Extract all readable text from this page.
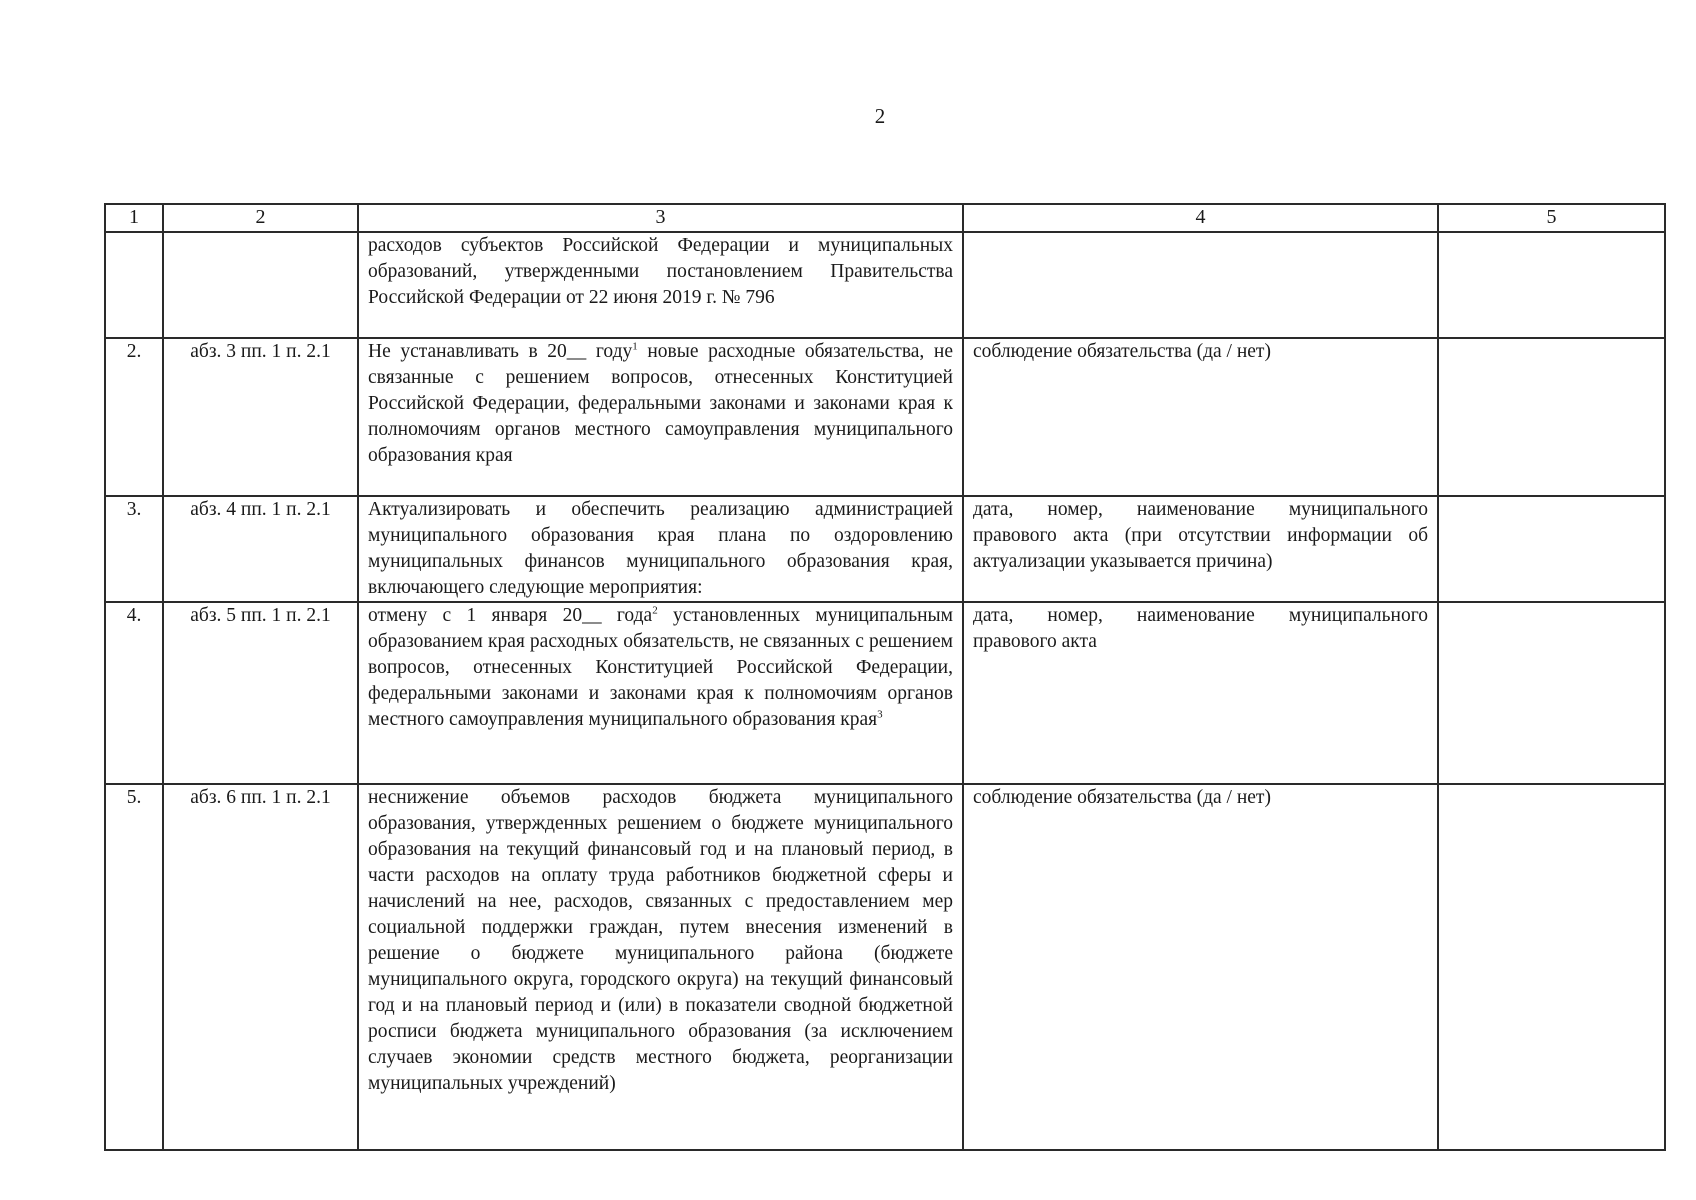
2
1	2	3	4	5
		расходов субъектов Российской Федерации и муниципальных образований, утвержденными постановлением Правительства Российской Федерации от 22 июня 2019 г. № 796		
2.	абз. 3 пп. 1 п. 2.1	Не устанавливать в 20__ году$^1$ новые расходные обязательства, не связанные с решением вопросов, отнесенных Конституцией Российской Федерации, федеральными законами и законами края к полномочиям органов местного самоуправления муниципального образования края	соблюдение обязательства (да / нет)	
3.	абз. 4 пп. 1 п. 2.1	Актуализировать и обеспечить реализацию администрацией муниципального образования края плана по оздоровлению муниципальных финансов муниципального образования края, включающего следующие мероприятия:	дата, номер, наименование муниципального правового акта (при отсутствии информации об актуализации указывается причина)	
4.	абз. 5 пп. 1 п. 2.1	отмену с 1 января 20__ года$^2$ установленных муниципальным образованием края расходных обязательств, не связанных с решением вопросов, отнесенных Конституцией Российской Федерации, федеральными законами и законами края к полномочиям органов местного самоуправления муниципального образования края$^3$	дата, номер, наименование муниципального правового акта	
5.	абз. 6 пп. 1 п. 2.1	неснижение объемов расходов бюджета муниципального образования, утвержденных решением о бюджете муниципального образования на текущий финансовый год и на плановый период, в части расходов на оплату труда работников бюджетной сферы и начислений на нее, расходов, связанных с предоставлением мер социальной поддержки граждан, путем внесения изменений в решение о бюджете муниципального района (бюджете муниципального округа, городского округа) на текущий финансовый год и на плановый период и (или) в показатели сводной бюджетной росписи бюджета муниципального образования (за исключением случаев экономии средств местного бюджета, реорганизации муниципальных учреждений)	соблюдение обязательства (да / нет)	
